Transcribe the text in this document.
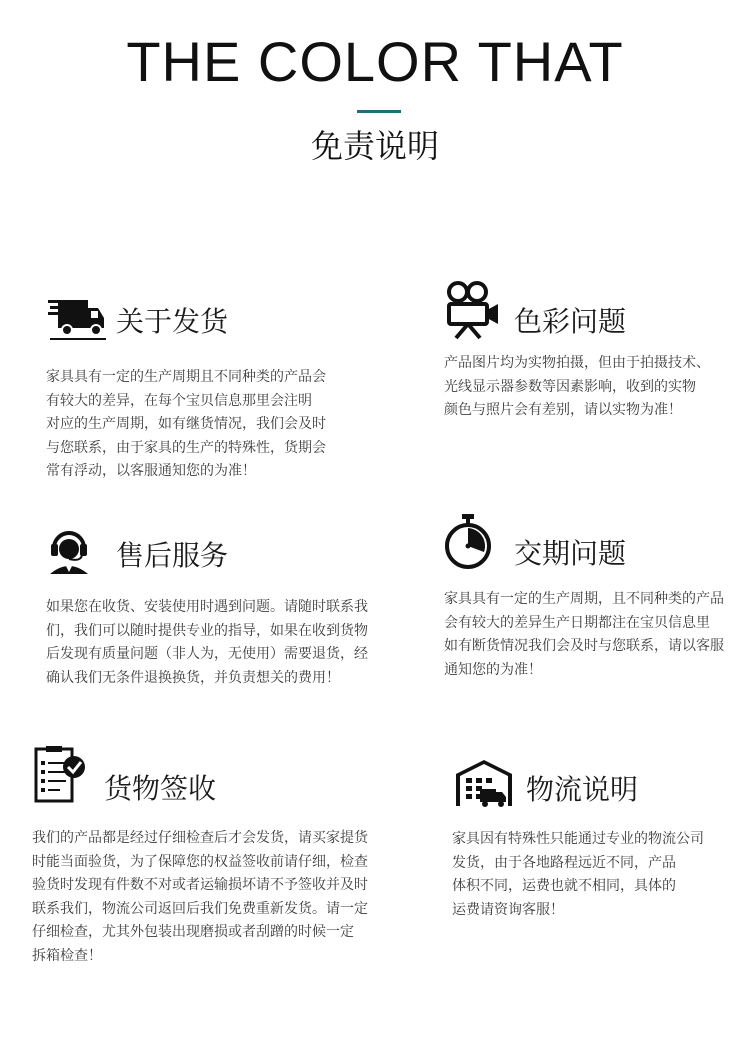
THE COLOR THAT
免责说明
关于发货
家具具有一定的生产周期且不同种类的产品会
有较大的差异，在每个宝贝信息那里会注明
对应的生产周期，如有继货情况，我们会及时
与您联系，由于家具的生产的特殊性，货期会
常有浮动，以客服通知您的为准！
色彩问题
产品图片均为实物拍摄，但由于拍摄技术、
光线显示器参数等因素影响，收到的实物
颜色与照片会有差别，请以实物为准！
售后服务
如果您在收货、安装使用时遇到问题。请随时联系我
们，我们可以随时提供专业的指导，如果在收到货物
后发现有质量问题（非人为，无使用）需要退货，经
确认我们无条件退换换货，并负责想关的费用！
交期问题
家具具有一定的生产周期，且不同种类的产品
会有较大的差异生产日期都注在宝贝信息里
如有断货情况我们会及时与您联系，请以客服
通知您的为准！
货物签收
我们的产品都是经过仔细检查后才会发货，请买家提货
时能当面验货，为了保障您的权益签收前请仔细，检查
验货时发现有件数不对或者运输损坏请不予签收并及时
联系我们，物流公司返回后我们免费重新发货。请一定
仔细检查，尤其外包装出现磨损或者刮蹭的时候一定
拆箱检查！
物流说明
家具因有特殊性只能通过专业的物流公司
发货，由于各地路程远近不同，产品
体积不同，运费也就不相同，具体的
运费请资询客服！
